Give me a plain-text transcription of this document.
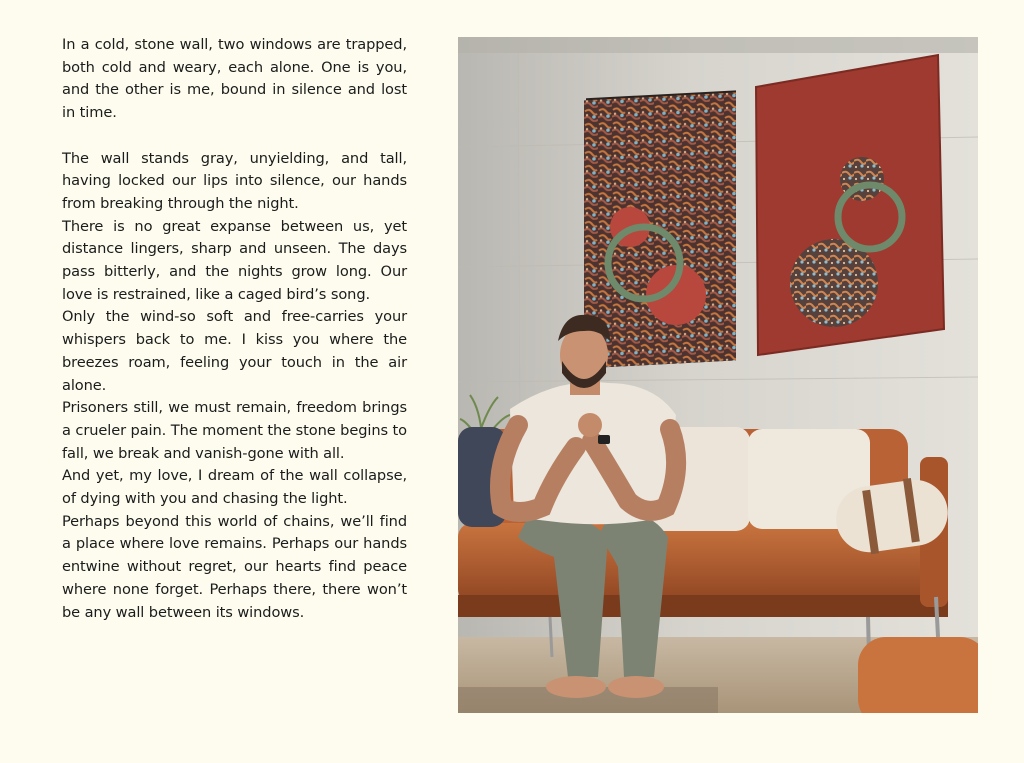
In a cold, stone wall, two windows are trapped, both cold and weary, each alone. One is you, and the other is me, bound in silence and lost in time.

The wall stands gray, unyielding, and tall, having locked our lips into silence, our hands from breaking through the night.

There is no great expanse between us, yet distance lingers, sharp and unseen. The days pass bitterly, and the nights grow long. Our love is restrained, like a caged bird’s song.

Only the wind-so soft and free-carries your whispers back to me. I kiss you where the breezes roam, feeling your touch in the air alone.

Prisoners still, we must remain, freedom brings a crueler pain. The moment the stone begins to fall, we break and vanish-gone with all.

And yet, my love, I dream of the wall collapse, of dying with you and chasing the light.

Perhaps beyond this world of chains, we’ll find a place where love remains. Perhaps our hands entwine without regret, our hearts find peace where none forget. Perhaps there, there won’t be any wall between its windows.
